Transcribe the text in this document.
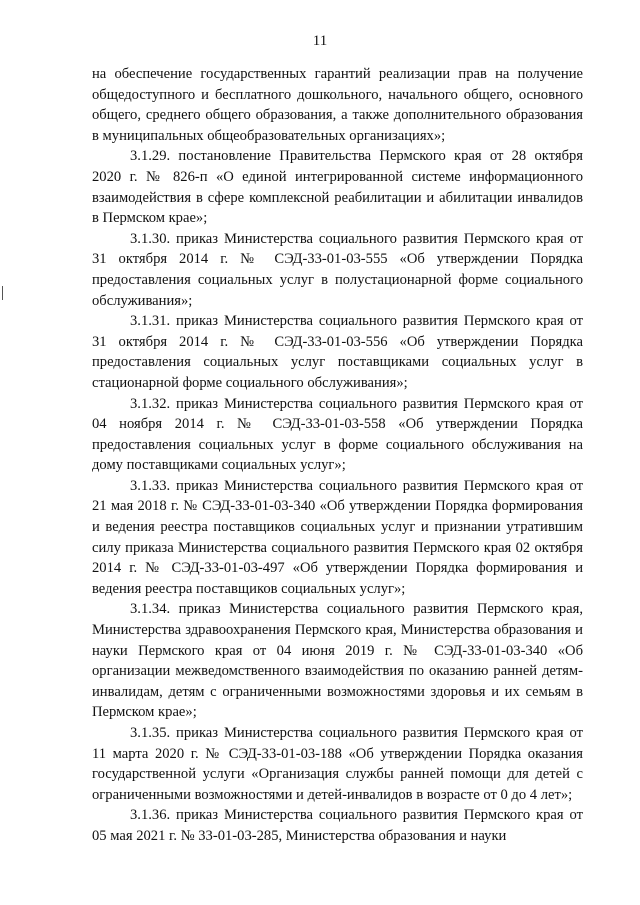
11

на обеспечение государственных гарантий реализации прав на получение общедоступного и бесплатного дошкольного, начального общего, основного общего, среднего общего образования, а также дополнительного образования в муниципальных общеобразовательных организациях»;

3.1.29. постановление Правительства Пермского края от 28 октября 2020 г. № 826-п «О единой интегрированной системе информационного взаимодействия в сфере комплексной реабилитации и абилитации инвалидов в Пермском крае»;

3.1.30. приказ Министерства социального развития Пермского края от 31 октября 2014 г. № СЭД-33-01-03-555 «Об утверждении Порядка предоставления социальных услуг в полустационарной форме социального обслуживания»;

3.1.31. приказ Министерства социального развития Пермского края от 31 октября 2014 г. № СЭД-33-01-03-556 «Об утверждении Порядка предоставления социальных услуг поставщиками социальных услуг в стационарной форме социального обслуживания»;

3.1.32. приказ Министерства социального развития Пермского края от 04 ноября 2014 г. № СЭД-33-01-03-558 «Об утверждении Порядка предоставления социальных услуг в форме социального обслуживания на дому поставщиками социальных услуг»;

3.1.33. приказ Министерства социального развития Пермского края от 21 мая 2018 г. № СЭД-33-01-03-340 «Об утверждении Порядка формирования и ведения реестра поставщиков социальных услуг и признании утратившим силу приказа Министерства социального развития Пермского края 02 октября 2014 г. № СЭД-33-01-03-497 «Об утверждении Порядка формирования и ведения реестра поставщиков социальных услуг»;

3.1.34. приказ Министерства социального развития Пермского края, Министерства здравоохранения Пермского края, Министерства образования и науки Пермского края от 04 июня 2019 г. № СЭД-33-01-03-340 «Об организации межведомственного взаимодействия по оказанию ранней детям-инвалидам, детям с ограниченными возможностями здоровья и их семьям в Пермском крае»;

3.1.35. приказ Министерства социального развития Пермского края от 11 марта 2020 г. № СЭД-33-01-03-188 «Об утверждении Порядка оказания государственной услуги «Организация службы ранней помощи для детей с ограниченными возможностями и детей-инвалидов в возрасте от 0 до 4 лет»;

3.1.36. приказ Министерства социального развития Пермского края от 05 мая 2021 г. № 33-01-03-285, Министерства образования и науки
